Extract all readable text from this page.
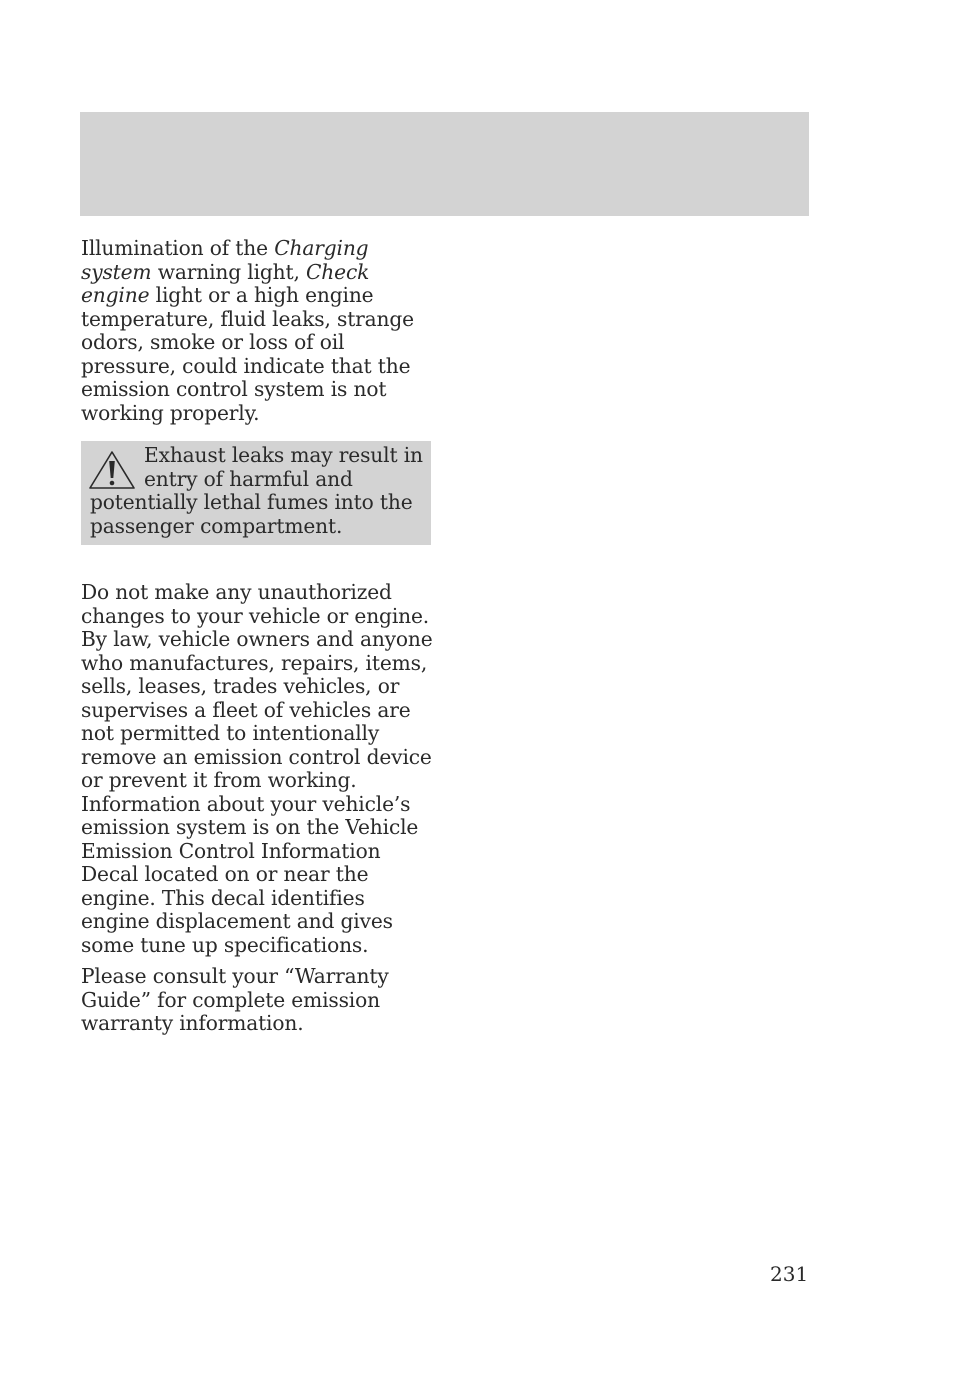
Illumination of the Charging system warning light, Check engine light or a high engine temperature, fluid leaks, strange odors, smoke or loss of oil pressure, could indicate that the emission control system is not working properly.

Exhaust leaks may result in entry of harmful and potentially lethal fumes into the passenger compartment.

Do not make any unauthorized changes to your vehicle or engine. By law, vehicle owners and anyone who manufactures, repairs, items, sells, leases, trades vehicles, or supervises a fleet of vehicles are not permitted to intentionally remove an emission control device or prevent it from working. Information about your vehicle’s emission system is on the Vehicle Emission Control Information Decal located on or near the engine. This decal identifies engine displacement and gives some tune up specifications.

Please consult your “Warranty Guide” for complete emission warranty information.

231
